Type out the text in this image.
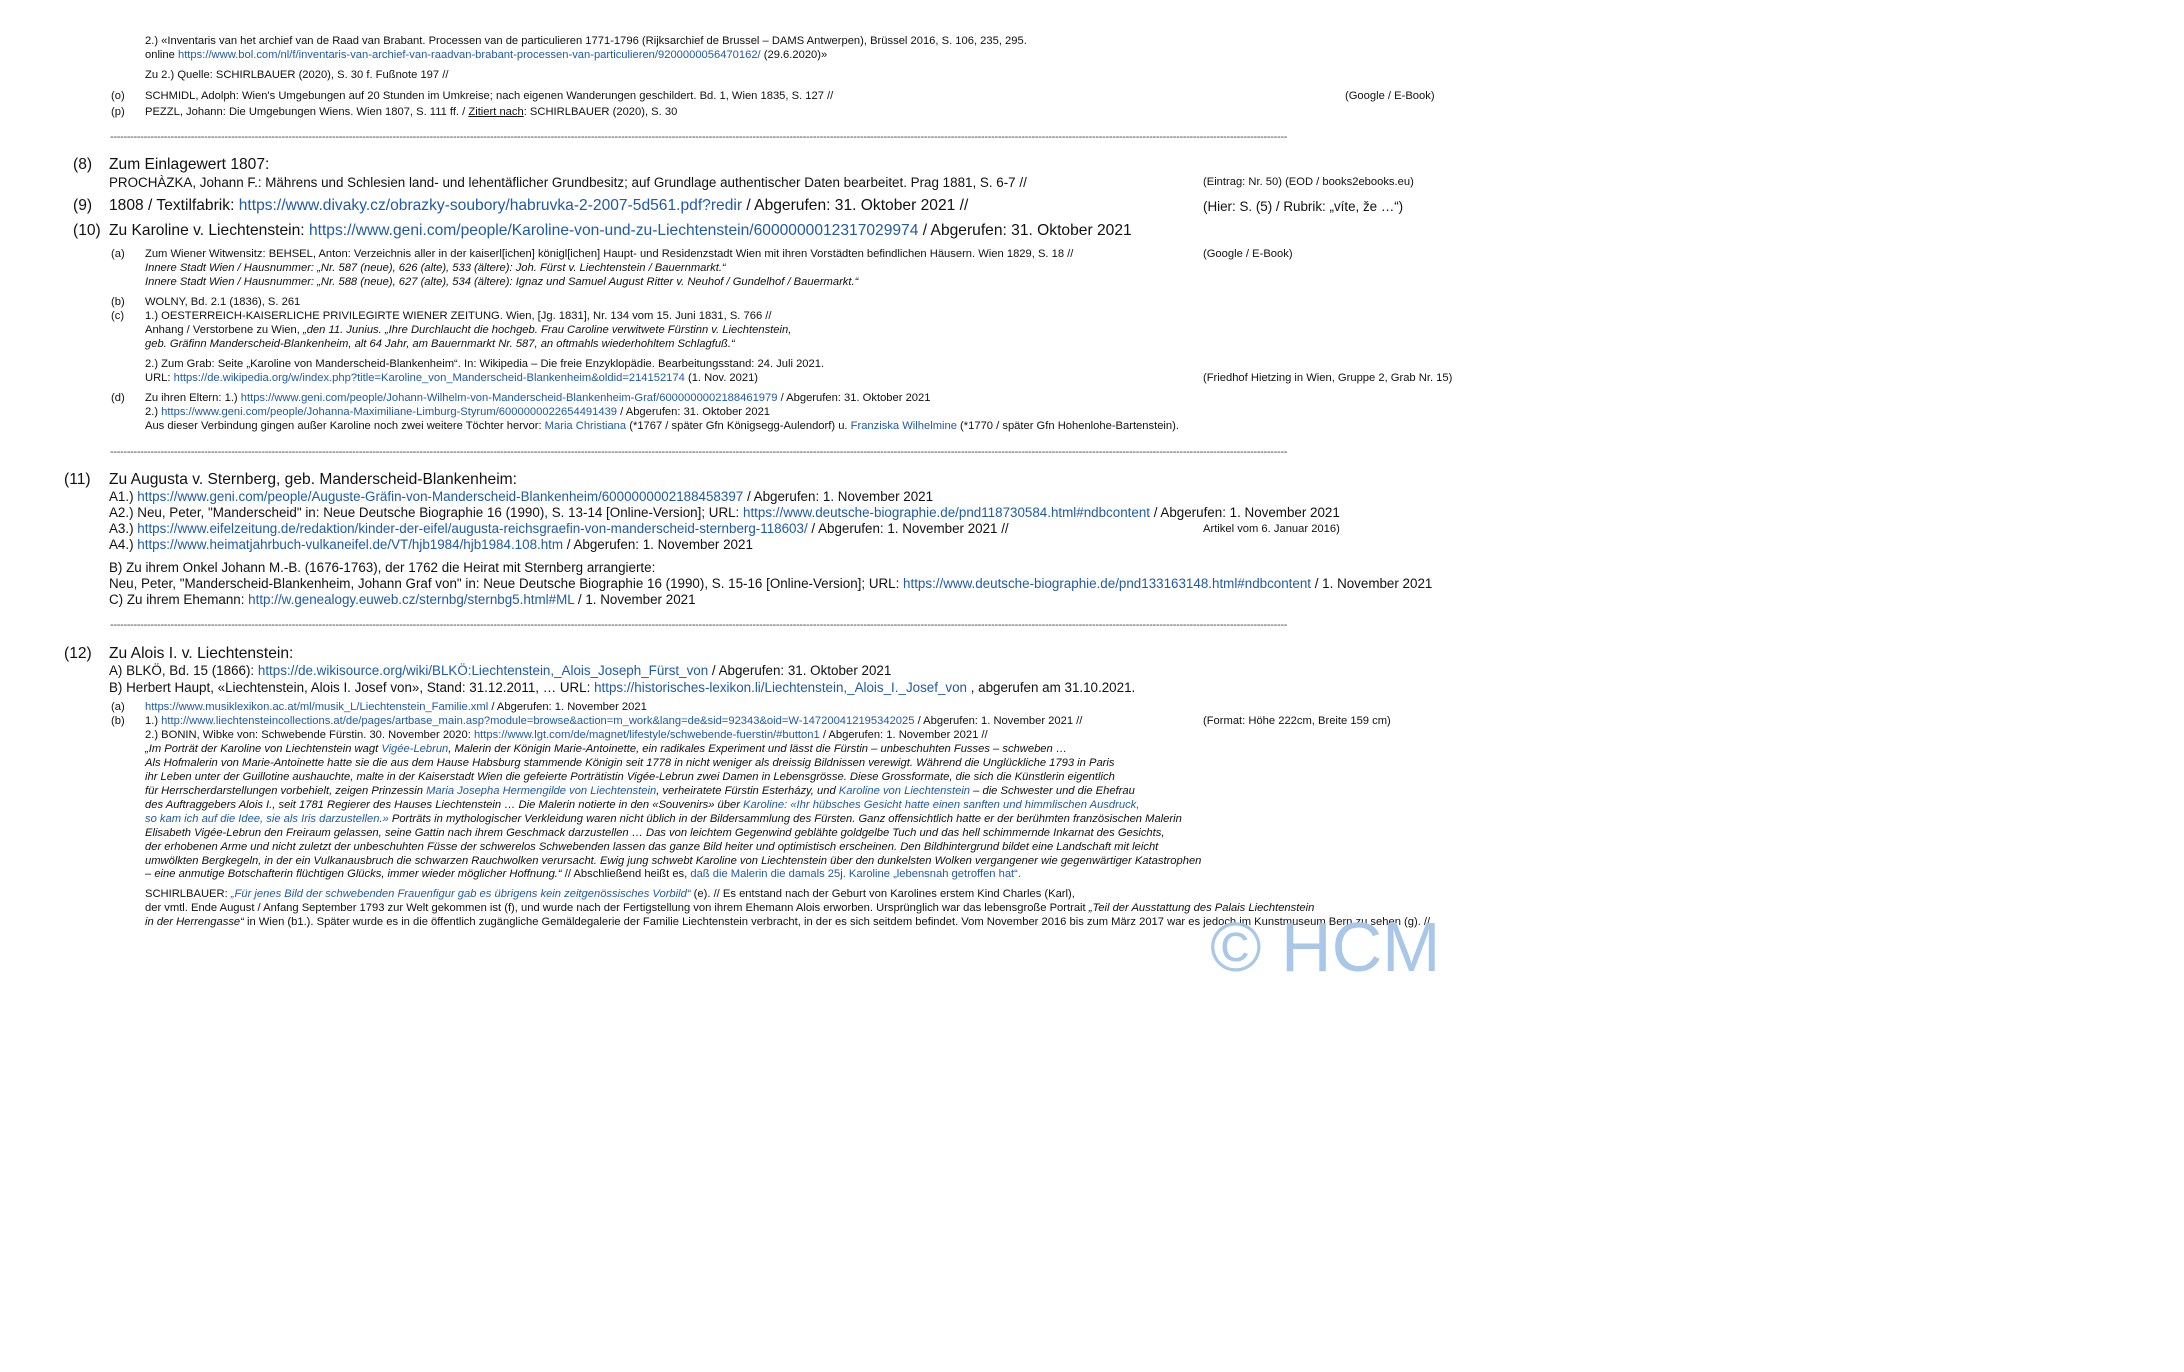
2.) «Inventaris van het archief van de Raad van Brabant. Processen van de particulieren 1771-1796 (Rijksarchief de Brussel – DAMS Antwerpen), Brüssel 2016, S. 106, 235, 295.
online https://www.bol.com/nl/f/inventaris-van-archief-van-raadvan-brabant-processen-van-particulieren/9200000056470162/ (29.6.2020)»
Zu 2.) Quelle: SCHIRLBAUER (2020), S. 30 f. Fußnote 197 //
(o) SCHMIDL, Adolph: Wien's Umgebungen auf 20 Stunden im Umkreise; nach eigenen Wanderungen geschildert. Bd. 1, Wien 1835, S. 127 //	(Google / E-Book)
(p) PEZZL, Johann: Die Umgebungen Wiens. Wien 1807, S. 111 ff. / Zitiert nach: SCHIRLBAUER (2020), S. 30
--------------------------------------------------------------------------------------------------------------------------------------------------------------------------------------------------------------------------------------------------------------------------------------------------------------------------------------------------------------
(8) Zum Einlagewert 1807:
PROCHÀZKA, Johann F.: Mährens und Schlesien land- und lehentäflicher Grundbesitz; auf Grundlage authentischer Daten bearbeitet. Prag 1881, S. 6-7 //	(Eintrag: Nr. 50) (EOD / books2ebooks.eu)
(9) 1808 / Textilfabrik: https://www.divaky.cz/obrazky-soubory/habruvka-2-2007-5d561.pdf?redir / Abgerufen: 31. Oktober 2021 //	(Hier: S. (5) / Rubrik: „víte, že …“)
(10) Zu Karoline v. Liechtenstein: https://www.geni.com/people/Karoline-von-und-zu-Liechtenstein/6000000012317029974 / Abgerufen: 31. Oktober 2021
(a) Zum Wiener Witwensitz: BEHSEL, Anton: Verzeichnis aller in der kaiserl[ichen] königl[ichen] Haupt- und Residenzstadt Wien mit ihren Vorstädten befindlichen Häusern. Wien 1829, S. 18 //	(Google / E-Book)
Innere Stadt Wien / Hausnummer: „Nr. 587 (neue), 626 (alte), 533 (ältere): Joh. Fürst v. Liechtenstein / Bauernmarkt.“
Innere Stadt Wien / Hausnummer: „Nr. 588 (neue), 627 (alte), 534 (ältere): Ignaz und Samuel August Ritter v. Neuhof / Gundelhof / Bauermarkt.“
(b) WOLNY, Bd. 2.1 (1836), S. 261
(c) 1.) OESTERREICH-KAISERLICHE PRIVILEGIRTE WIENER ZEITUNG. Wien, [Jg. 1831], Nr. 134 vom 15. Juni 1831, S. 766 //
Anhang / Verstorbene zu Wien, „den 11. Junius. „Ihre Durchlaucht die hochgeb. Frau Caroline verwitwete Fürstinn v. Liechtenstein,
geb. Gräfinn Manderscheid-Blankenheim, alt 64 Jahr, am Bauernmarkt Nr. 587, an oftmahls wiederhohltem Schlagfuß.“
2.) Zum Grab: Seite „Karoline von Manderscheid-Blankenheim“. In: Wikipedia – Die freie Enzyklopädie. Bearbeitungsstand: 24. Juli 2021.
URL: https://de.wikipedia.org/w/index.php?title=Karoline_von_Manderscheid-Blankenheim&oldid=214152174 (1. Nov. 2021)	(Friedhof Hietzing in Wien, Gruppe 2, Grab Nr. 15)
(d) Zu ihren Eltern: 1.) https://www.geni.com/people/Johann-Wilhelm-von-Manderscheid-Blankenheim-Graf/6000000002188461979 / Abgerufen: 31. Oktober 2021
2.) https://www.geni.com/people/Johanna-Maximiliane-Limburg-Styrum/6000000022654491439 / Abgerufen: 31. Oktober 2021
Aus dieser Verbindung gingen außer Karoline noch zwei weitere Töchter hervor: Maria Christiana (*1767 / später Gfn Königsegg-Aulendorf) u. Franziska Wilhelmine (*1770 / später Gfn Hohenlohe-Bartenstein).
--------------------------------------------------------------------------------------------------------------------------------------------------------------------------------------------------------------------------------------------------------------------------------------------------------------------------------------------------------------
(11) Zu Augusta v. Sternberg, geb. Manderscheid-Blankenheim:
A1.) https://www.geni.com/people/Auguste-Gräfin-von-Manderscheid-Blankenheim/6000000002188458397 / Abgerufen: 1. November 2021
A2.) Neu, Peter, "Manderscheid" in: Neue Deutsche Biographie 16 (1990), S. 13-14 [Online-Version]; URL: https://www.deutsche-biographie.de/pnd118730584.html#ndbcontent / Abgerufen: 1. November 2021
A3.) https://www.eifelzeitung.de/redaktion/kinder-der-eifel/augusta-reichsgraefin-von-manderscheid-sternberg-118603/ / Abgerufen: 1. November 2021 //	Artikel vom 6. Januar 2016)
A4.) https://www.heimatjahrbuch-vulkaneifel.de/VT/hjb1984/hjb1984.108.htm / Abgerufen: 1. November 2021
B) Zu ihrem Onkel Johann M.-B. (1676-1763), der 1762 die Heirat mit Sternberg arrangierte:
Neu, Peter, "Manderscheid-Blankenheim, Johann Graf von" in: Neue Deutsche Biographie 16 (1990), S. 15-16 [Online-Version]; URL: https://www.deutsche-biographie.de/pnd133163148.html#ndbcontent / 1. November 2021
C) Zu ihrem Ehemann: http://w.genealogy.euweb.cz/sternbg/sternbg5.html#ML / 1. November 2021
--------------------------------------------------------------------------------------------------------------------------------------------------------------------------------------------------------------------------------------------------------------------------------------------------------------------------------------------------------------
(12) Zu Alois I. v. Liechtenstein:
A) BLKÖ, Bd. 15 (1866): https://de.wikisource.org/wiki/BLKÖ:Liechtenstein,_Alois_Joseph_Fürst_von / Abgerufen: 31. Oktober 2021
B) Herbert Haupt, «Liechtenstein, Alois I. Josef von», Stand: 31.12.2011, … URL: https://historisches-lexikon.li/Liechtenstein,_Alois_I._Josef_von , abgerufen am 31.10.2021.
(a) https://www.musiklexikon.ac.at/ml/musik_L/Liechtenstein_Familie.xml / Abgerufen: 1. November 2021
(b) 1.) http://www.liechtensteincollections.at/de/pages/artbase_main.asp?module=browse&action=m_work&lang=de&sid=92343&oid=W-147200412195342025 / Abgerufen: 1. November 2021 //	(Format: Höhe 222cm, Breite 159 cm)
2.) BONIN, Wibke von: Schwebende Fürstin. 30. November 2020: https://www.lgt.com/de/magnet/lifestyle/schwebende-fuerstin/#button1 / Abgerufen: 1. November 2021 //
„Im Porträt der Karoline von Liechtenstein wagt Vigée-Lebrun, Malerin der Königin Marie-Antoinette, ein radikales Experiment und lässt die Fürstin – unbeschuhten Fusses – schweben …
Als Hofmalerin von Marie-Antoinette hatte sie die aus dem Hause Habsburg stammende Königin seit 1778 in nicht weniger als dreissig Bildnissen verewigt. Während die Unglückliche 1793 in Paris
ihr Leben unter der Guillotine aushauchte, malte in der Kaiserstadt Wien die gefeierte Porträtistin Vigée-Lebrun zwei Damen in Lebensgrösse. Diese Grossformate, die sich die Künstlerin eigentlich
für Herrscherdarstellungen vorbehielt, zeigen Prinzessin Maria Josepha Hermengilde von Liechtenstein, verheiratete Fürstin Esterházy, und Karoline von Liechtenstein – die Schwester und die Ehefrau
des Auftraggebers Alois I., seit 1781 Regierer des Hauses Liechtenstein … Die Malerin notierte in den «Souvenirs» über Karoline: «Ihr hübsches Gesicht hatte einen sanften und himmlischen Ausdruck,
so kam ich auf die Idee, sie als Iris darzustellen.» Porträts in mythologischer Verkleidung waren nicht üblich in der Bildersammlung des Fürsten. Ganz offensichtlich hatte er der berühmten französischen Malerin
Elisabeth Vigée-Lebrun den Freiraum gelassen, seine Gattin nach ihrem Geschmack darzustellen … Das von leichtem Gegenwind gebläht​e goldgelbe Tuch und das hell schimmernde Inkarnat des Gesichts,
der erhobenen Arme und nicht zuletzt der unbeschuhten Füsse der schwerelos Schwebenden lassen das ganze Bild heiter und optimistisch erscheinen. Den Bildhintergrund bildet eine Landschaft mit leicht
umwölkten Bergkegeln, in der ein Vulkanausbruch die schwarzen Rauchwolken verursacht. Ewig jung schwebt Karoline von Liechtenstein über den dunkelsten Wolken vergangener wie gegenwärtiger Katastrophen
– eine anmutige Botschafterin flüchtigen Glücks, immer wieder möglicher Hoffnung.“ // Abschließend heißt es, daß die Malerin die damals 25j. Karoline „lebensnah getroffen hat“.
SCHIRLBAUER: „Für jenes Bild der schwebenden Frauenfigur gab es übrigens kein zeitgenössisches Vorbild“ (e). // Es entstand nach der Geburt von Karolines erstem Kind Charles (Karl),
der vmtl. Ende August / Anfang September 1793 zur Welt gekommen ist (f), und wurde nach der Fertigstellung von ihrem Ehemann Alois erworben. Ursprünglich war das lebensgroße Portrait „Teil der Ausstattung des Palais Liechtenstein
in der Herrengasse“ in Wien (b1.). Später wurde es in die öffentlich zugängliche Gemäldegalerie der Familie Liechtenstein verbracht, in der es sich seitdem befindet. Vom November 2016 bis zum März 2017 war es jedoch im Kunstmuseum Bern zu sehen (g). //
© HCM
